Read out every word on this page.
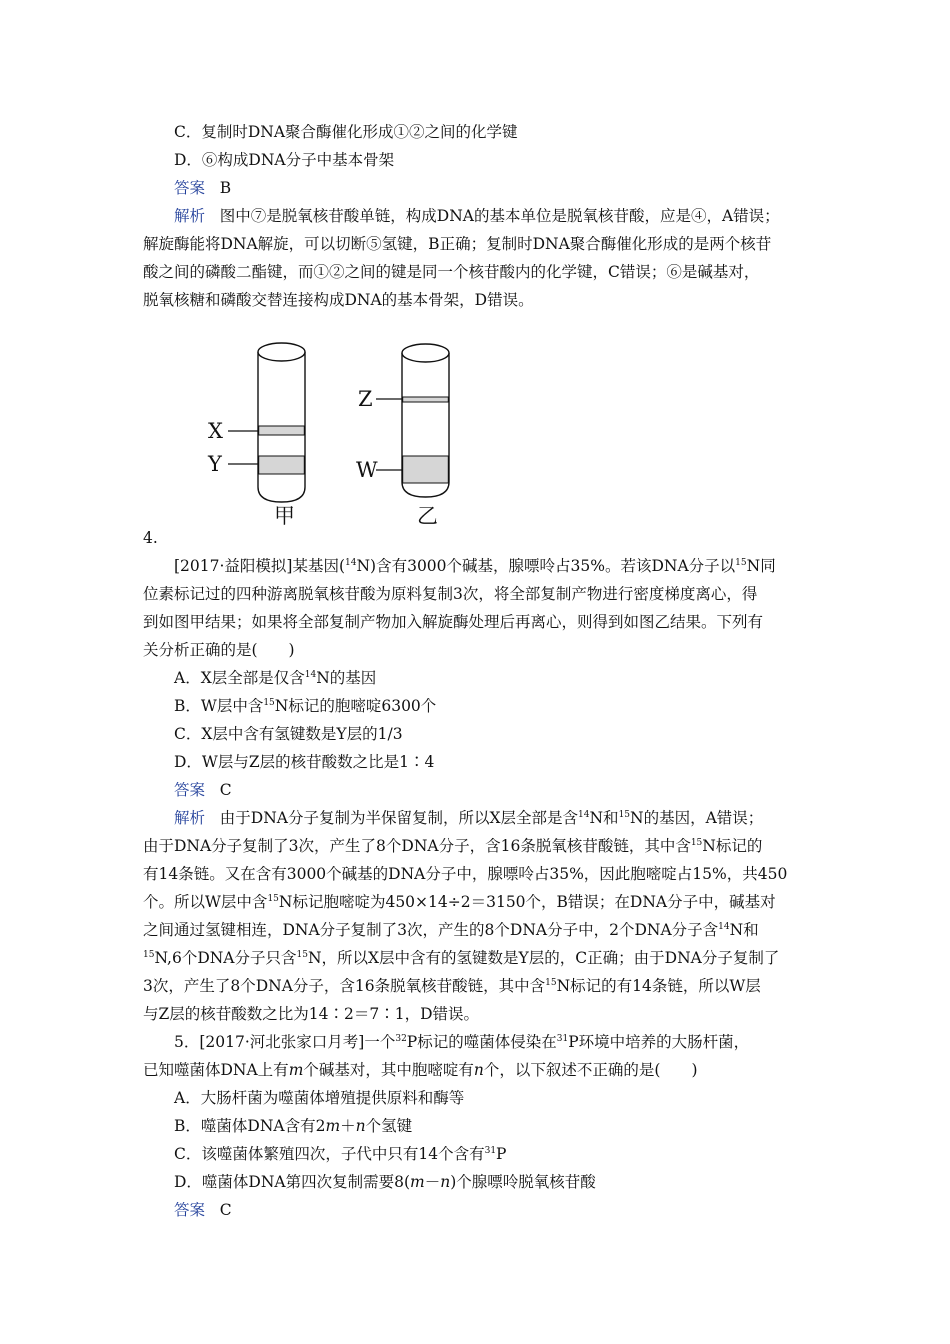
C．复制时DNA聚合酶催化形成①②之间的化学键
D．⑥构成DNA分子中基本骨架
答案 B
解析 图中⑦是脱氧核苷酸单链，构成DNA的基本单位是脱氧核苷酸，应是④，A错误；
解旋酶能将DNA解旋，可以切断⑤氢键，B正确；复制时DNA聚合酶催化形成的是两个核苷
酸之间的磷酸二酯键，而①②之间的键是同一个核苷酸内的化学键，C错误；⑥是碱基对，
脱氧核糖和磷酸交替连接构成DNA的基本骨架，D错误。
X
Y
甲
Z
W
乙
4.
[2017·益阳模拟]某基因($^{14}$N)含有3000个碱基，腺嘌呤占35%。若该DNA分子以$^{15}$N同
位素标记过的四种游离脱氧核苷酸为原料复制3次，将全部复制产物进行密度梯度离心，得
到如图甲结果；如果将全部复制产物加入解旋酶处理后再离心，则得到如图乙结果。下列有
关分析正确的是(　　)
A．X层全部是仅含$^{14}$N的基因
B．W层中含$^{15}$N标记的胞嘧啶6300个
C．X层中含有氢键数是Y层的1/3
D．W层与Z层的核苷酸数之比是1∶4
答案 C
解析 由于DNA分子复制为半保留复制，所以X层全部是含$^{14}$N和$^{15}$N的基因，A错误；
由于DNA分子复制了3次，产生了8个DNA分子，含16条脱氧核苷酸链，其中含$^{15}$N标记的
有14条链。又在含有3000个碱基的DNA分子中，腺嘌呤占35%，因此胞嘧啶占15%，共450
个。所以W层中含$^{15}$N标记胞嘧啶为450×14÷2＝3150个，B错误；在DNA分子中，碱基对
之间通过氢键相连，DNA分子复制了3次，产生的8个DNA分子中，2个DNA分子含$^{14}$N和
$^{15}$N,6个DNA分子只含$^{15}$N，所以X层中含有的氢键数是Y层的，C正确；由于DNA分子复制了
3次，产生了8个DNA分子，含16条脱氧核苷酸链，其中含$^{15}$N标记的有14条链，所以W层
与Z层的核苷酸数之比为14∶2＝7∶1，D错误。
5．[2017·河北张家口月考]一个$^{32}$P标记的噬菌体侵染在$^{31}$P环境中培养的大肠杆菌，
已知噬菌体DNA上有m个碱基对，其中胞嘧啶有n个，以下叙述不正确的是(　　)
A．大肠杆菌为噬菌体增殖提供原料和酶等
B．噬菌体DNA含有2m＋n个氢键
C．该噬菌体繁殖四次，子代中只有14个含有$^{31}$P
D．噬菌体DNA第四次复制需要8(m－n)个腺嘌呤脱氧核苷酸
答案 C
